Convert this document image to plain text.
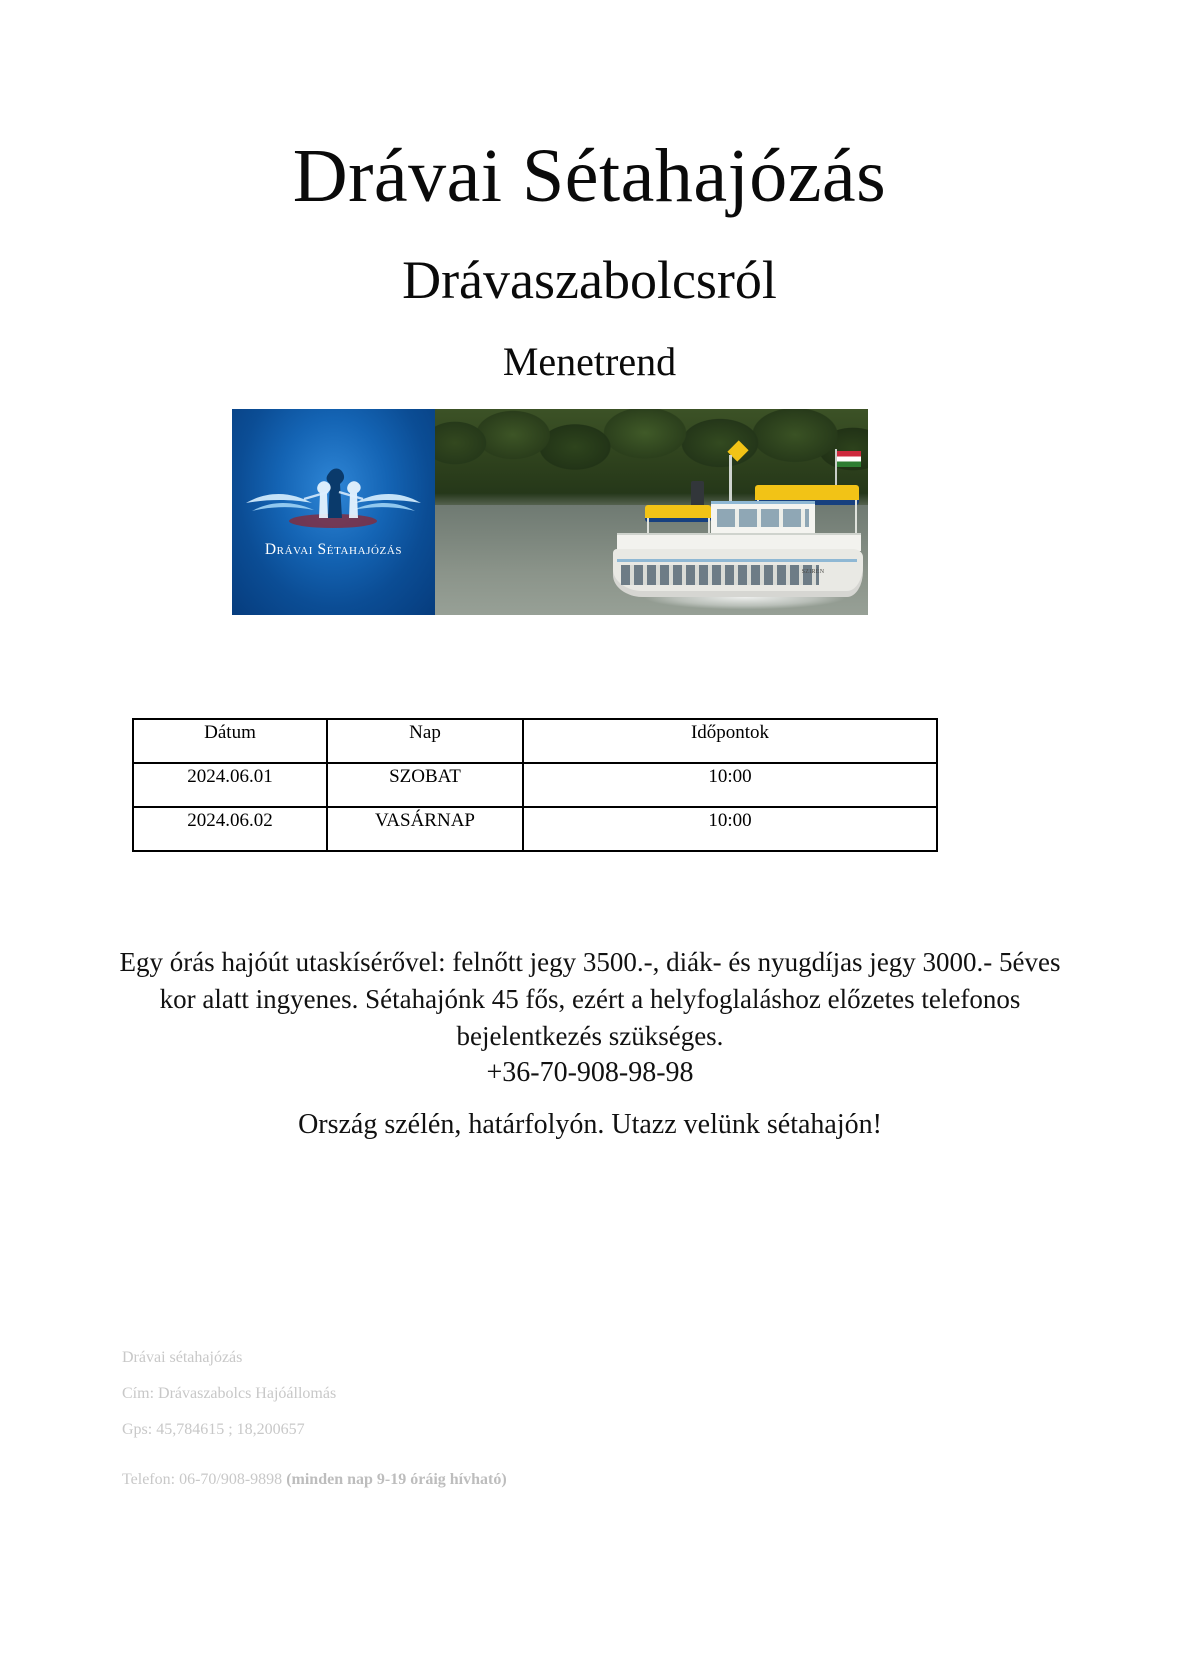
Drávai Sétahajózás
Drávaszabolcsról
Menetrend
Drávai Sétahajózás
SZIRÉN
Dátum	Nap	Időpontok
2024.06.01	SZOBAT	10:00
2024.06.02	VASÁRNAP	10:00
Egy órás hajóút utaskísérővel: felnőtt jegy 3500.-, diák- és nyugdíjas jegy 3000.- 5éves kor alatt ingyenes. Sétahajónk 45 fős, ezért a helyfoglaláshoz előzetes telefonos bejelentkezés szükséges.
+36-70-908-98-98
Ország szélén, határfolyón. Utazz velünk sétahajón!
Drávai sétahajózás
Cím: Drávaszabolcs Hajóállomás
Gps: 45,784615 ; 18,200657
Telefon: 06-70/908-9898 (minden nap 9-19 óráig hívható)
